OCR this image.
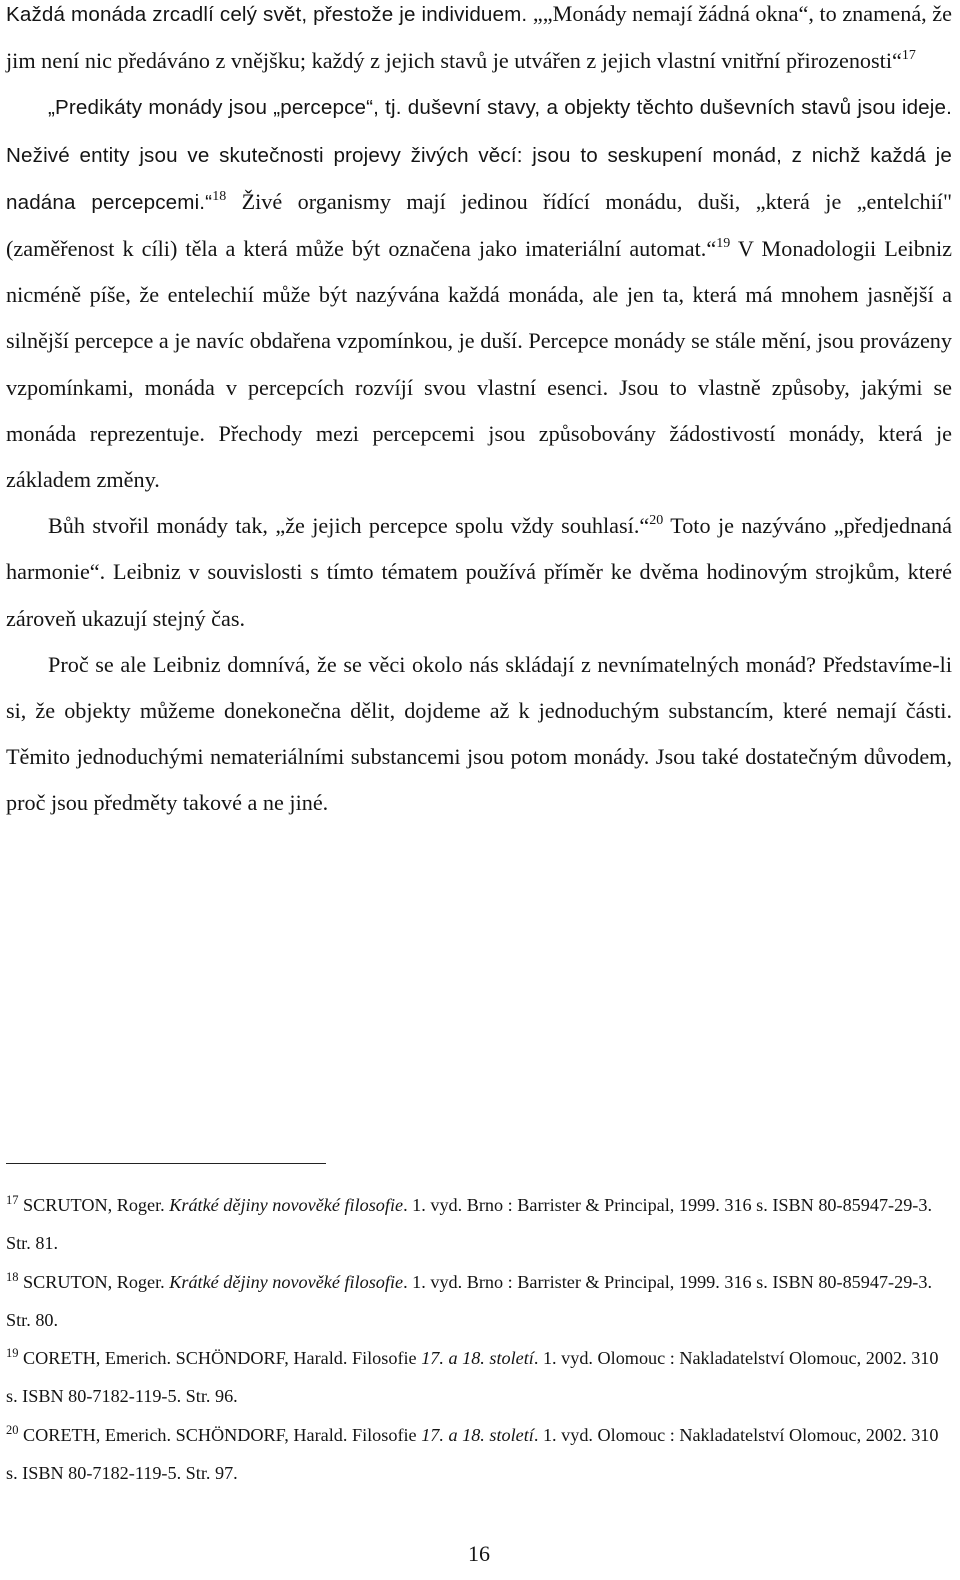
Každá monáda zrcadlí celý svět, přestože je individuem. „„Monády nemají žádná okna“, to znamená, že jim není nic předáváno z vnějšku; každý z jejich stavů je utvářen z jejich vlastní vnitřní přirozenosti“$^{17}$

„Predikáty monády jsou „percepce“, tj. duševní stavy, a objekty těchto duševních stavů jsou ideje. Neživé entity jsou ve skutečnosti projevy živých věcí: jsou to seskupení monád, z nichž každá je nadána percepcemi.“$^{18}$ Živé organismy mají jedinou řídící monádu, duši, „která je „entelchií" (zaměřenost k cíli) těla a která může být označena jako imateriální automat.“$^{19}$ V Monadologii Leibniz nicméně píše, že entelechií může být nazývána každá monáda, ale jen ta, která má mnohem jasnější a silnější percepce a je navíc obdařena vzpomínkou, je duší. Percepce monády se stále mění, jsou provázeny vzpomínkami, monáda v percepcích rozvíjí svou vlastní esenci. Jsou to vlastně způsoby, jakými se monáda reprezentuje. Přechody mezi percepcemi jsou způsobovány žádostivostí monády, která je základem změny.

Bůh stvořil monády tak, „že jejich percepce spolu vždy souhlasí.“$^{20}$ Toto je nazýváno „předjednaná harmonie“. Leibniz v souvislosti s tímto tématem používá příměr ke dvěma hodinovým strojkům, které zároveň ukazují stejný čas.

Proč se ale Leibniz domnívá, že se věci okolo nás skládají z nevnímatelných monád? Představíme-li si, že objekty můžeme donekonečna dělit, dojdeme až k jednoduchým substancím, které nemají části. Těmito jednoduchými nemateriálními substancemi jsou potom monády. Jsou také dostatečným důvodem, proč jsou předměty takové a ne jiné.

$^{17}$ SCRUTON, Roger. Krátké dějiny novověké filosofie. 1. vyd. Brno : Barrister & Principal, 1999. 316 s. ISBN 80-85947-29-3. Str. 81.

$^{18}$ SCRUTON, Roger. Krátké dějiny novověké filosofie. 1. vyd. Brno : Barrister & Principal, 1999. 316 s. ISBN 80-85947-29-3. Str. 80.

$^{19}$ CORETH, Emerich. SCHÖNDORF, Harald. Filosofie 17. a 18. století. 1. vyd. Olomouc : Nakladatelství Olomouc, 2002. 310 s. ISBN 80-7182-119-5. Str. 96.

$^{20}$ CORETH, Emerich. SCHÖNDORF, Harald. Filosofie 17. a 18. století. 1. vyd. Olomouc : Nakladatelství Olomouc, 2002. 310 s. ISBN 80-7182-119-5. Str. 97.

16
